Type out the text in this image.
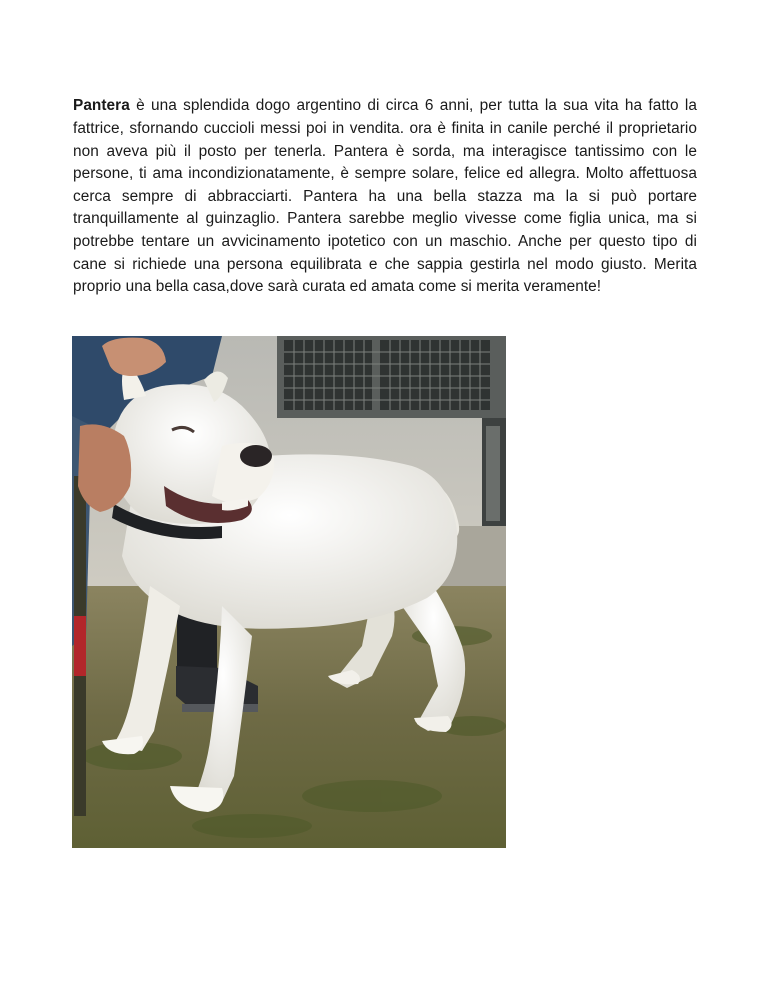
Pantera è una splendida dogo argentino di circa 6 anni, per tutta la sua vita ha fatto la fattrice, sfornando cuccioli messi poi in vendita. ora è finita in canile perché il proprietario non aveva più il posto per tenerla. Pantera è sorda, ma interagisce tantissimo con le persone, ti ama incondizionatamente, è sempre solare, felice ed allegra. Molto affettuosa cerca sempre di abbracciarti. Pantera ha una bella stazza ma la si può portare tranquillamente al guinzaglio. Pantera sarebbe meglio vivesse come figlia unica, ma si potrebbe tentare un avvicinamento ipotetico con un maschio. Anche per questo tipo di cane si richiede una persona equilibrata e che sappia gestirla nel modo giusto. Merita proprio una bella casa,dove sarà curata ed amata come si merita veramente!
